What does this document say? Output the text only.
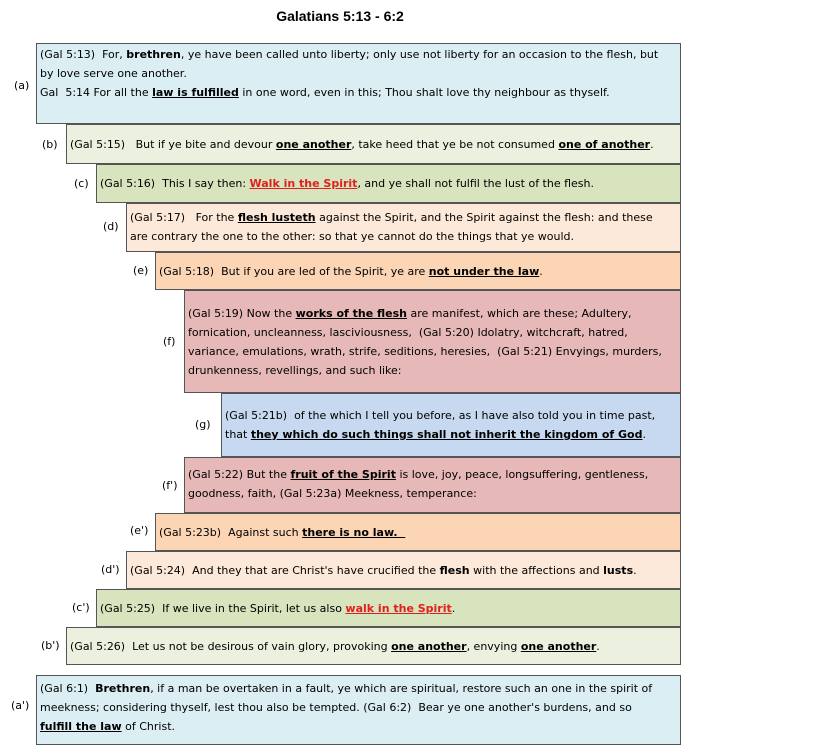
Galatians 5:13 - 6:2
(a)
(Gal 5:13)  For, brethren, ye have been called unto liberty; only use not liberty for an occasion to the flesh, but
by love serve one another.
Gal  5:14 For all the law is fulfilled in one word, even in this; Thou shalt love thy neighbour as thyself.
(b) (Gal 5:15)   But if ye bite and devour one another, take heed that ye be not consumed one of another.
(c) (Gal 5:16)  This I say then: Walk in the Spirit, and ye shall not fulfil the lust of the flesh.
(d)
(Gal 5:17)   For the flesh lusteth against the Spirit, and the Spirit against the flesh: and these
are contrary the one to the other: so that ye cannot do the things that ye would.
(e) (Gal 5:18)  But if you are led of the Spirit, ye are not under the law.
(f)
(Gal 5:19) Now the works of the flesh are manifest, which are these; Adultery,
fornication, uncleanness, lasciviousness,  (Gal 5:20) Idolatry, witchcraft, hatred,
variance, emulations, wrath, strife, seditions, heresies,  (Gal 5:21) Envyings, murders,
drunkenness, revellings, and such like:
(g)
(Gal 5:21b)  of the which I tell you before, as I have also told you in time past,
that they which do such things shall not inherit the kingdom of God.
(f')
(Gal 5:22) But the fruit of the Spirit is love, joy, peace, longsuffering, gentleness,
goodness, faith, (Gal 5:23a) Meekness, temperance:
(e') (Gal 5:23b)  Against such there is no law.
(d') (Gal 5:24)  And they that are Christ's have crucified the flesh with the affections and lusts.
(c') (Gal 5:25)  If we live in the Spirit, let us also walk in the Spirit.
(b') (Gal 5:26)  Let us not be desirous of vain glory, provoking one another, envying one another.
(a')
(Gal 6:1)  Brethren, if a man be overtaken in a fault, ye which are spiritual, restore such an one in the spirit of
meekness; considering thyself, lest thou also be tempted. (Gal 6:2)  Bear ye one another's burdens, and so
fulfill the law of Christ.
